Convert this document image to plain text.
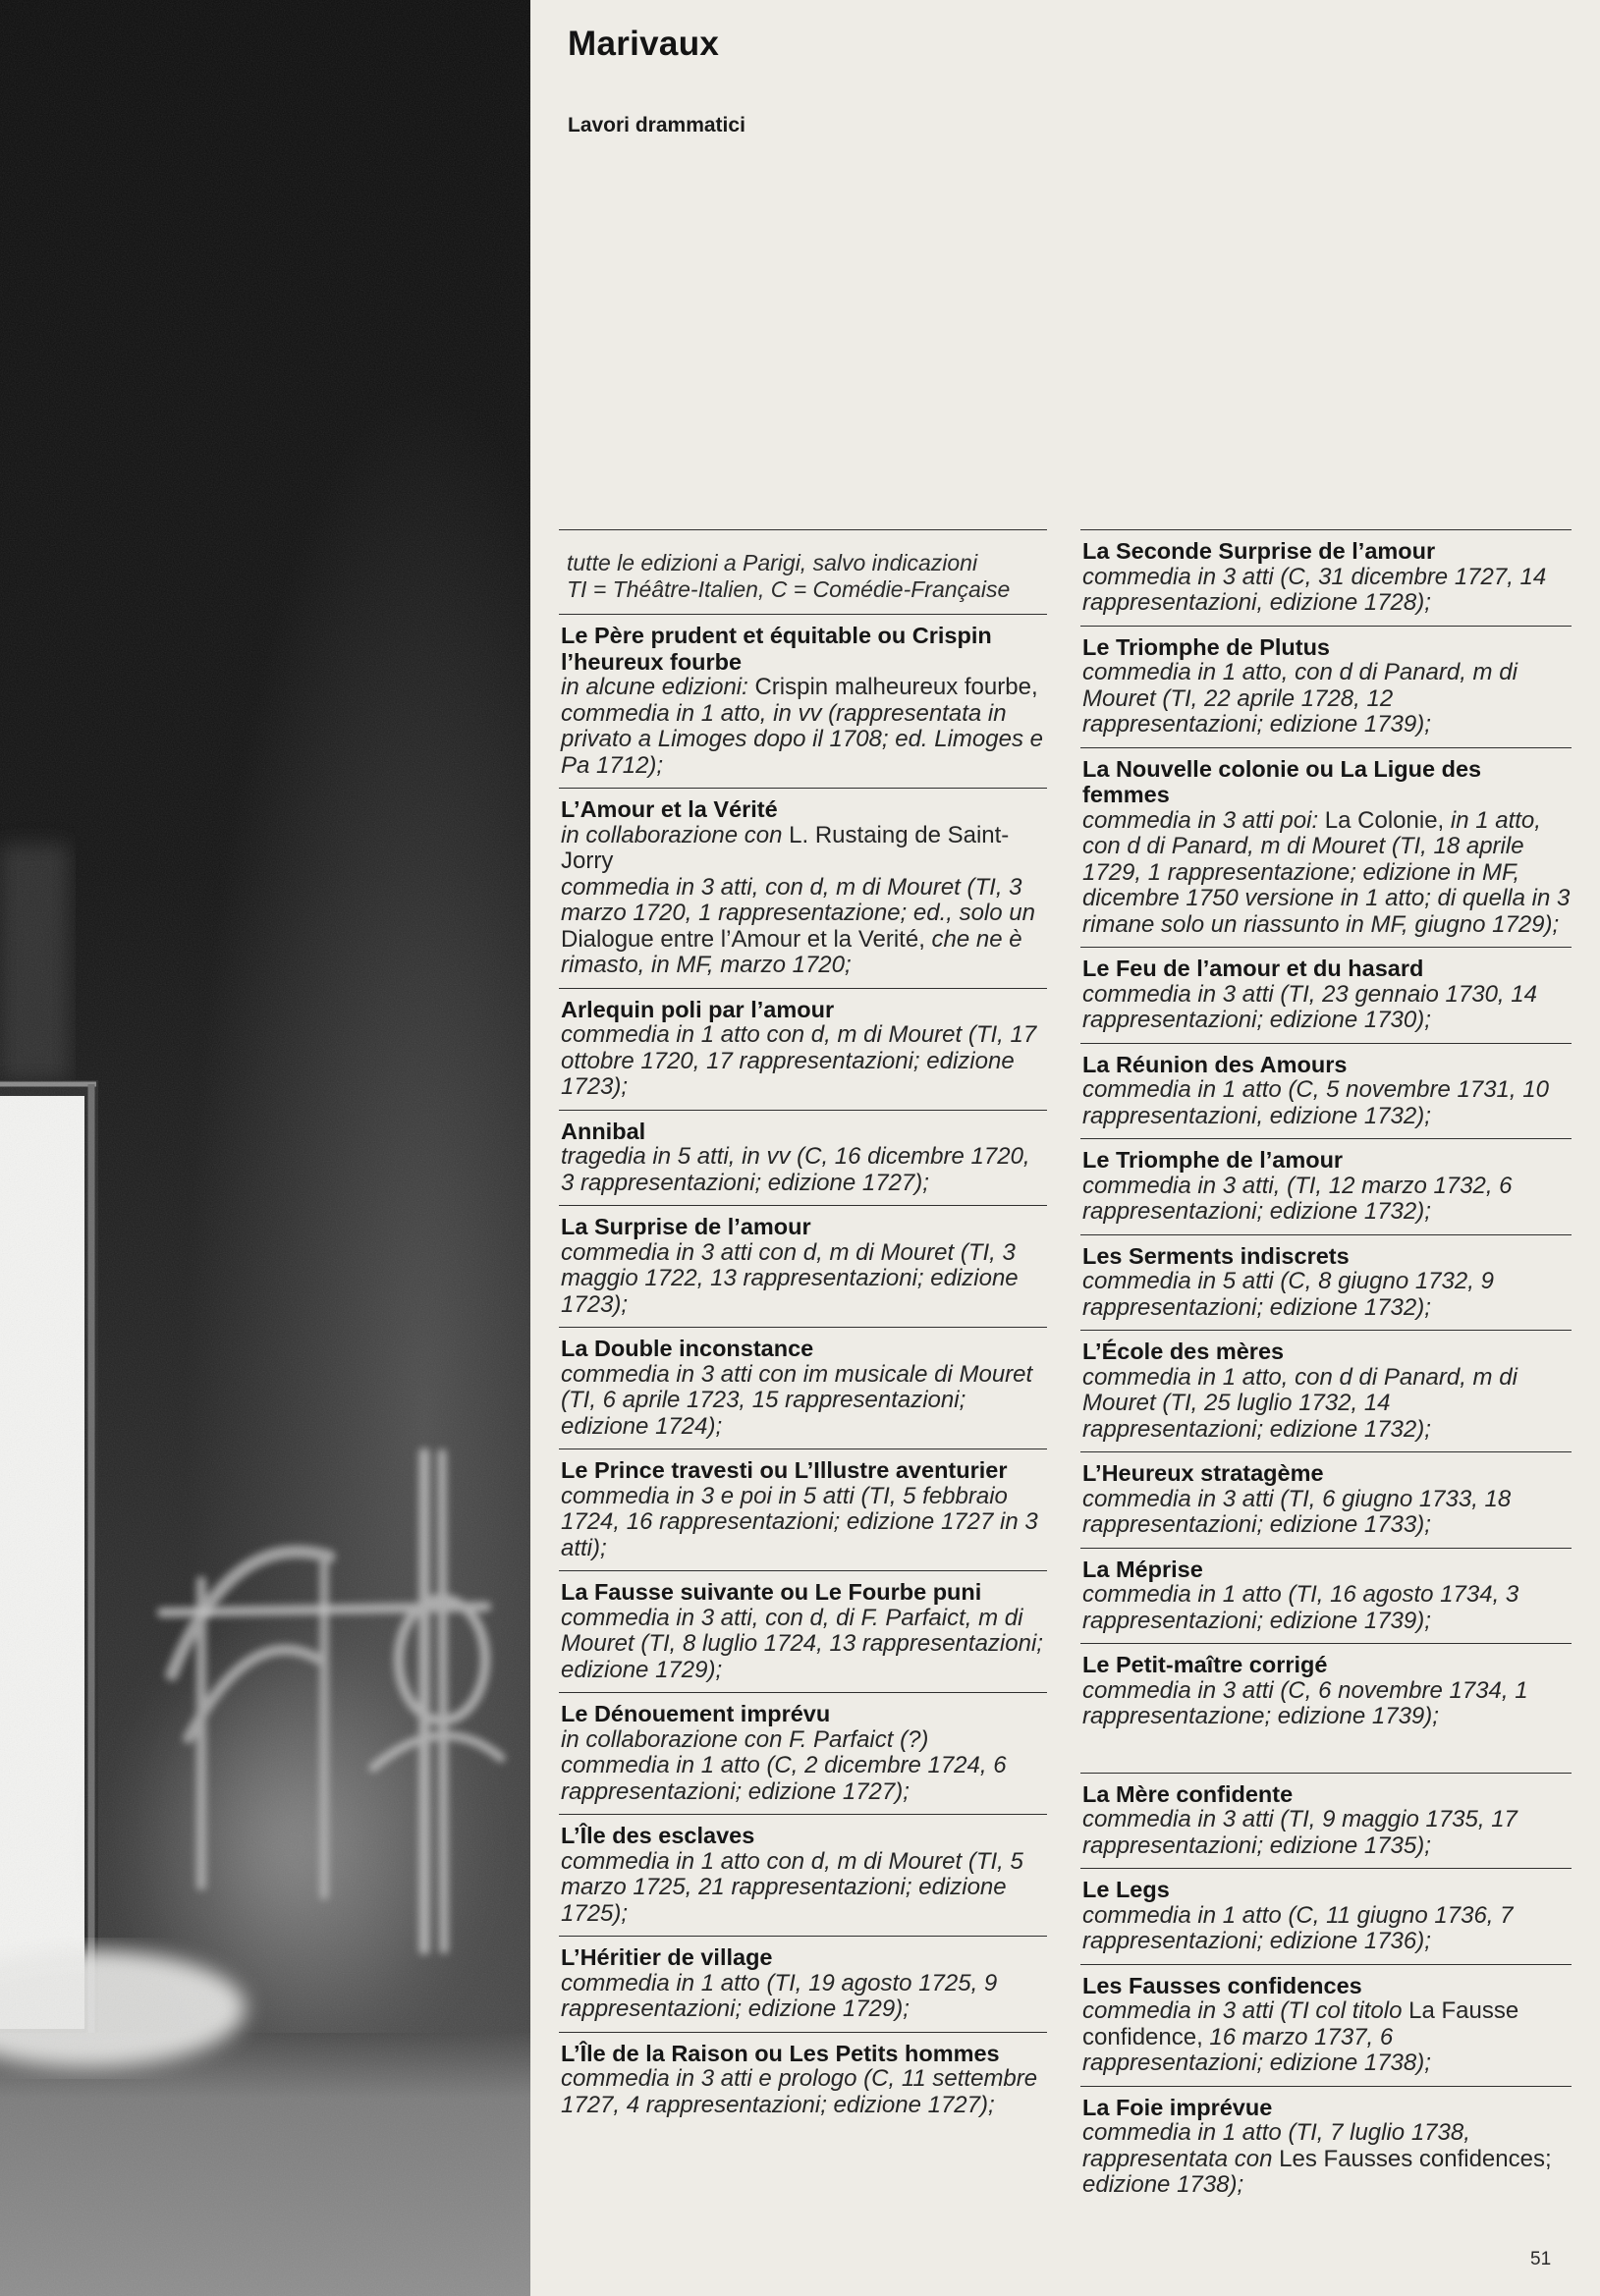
Marivaux
Lavori drammatici
tutte le edizioni a Parigi, salvo indicazioni
TI = Théâtre-Italien, C = Comédie-Française
Le Père prudent et équitable ou Crispin l’heureux fourbe
in alcune edizioni: Crispin malheureux fourbe,
commedia in 1 atto, in vv (rappresentata in privato a Limoges dopo il 1708; ed. Limoges e Pa 1712);
L’Amour et la Vérité
in collaborazione con L. Rustaing de Saint-Jorry
commedia in 3 atti, con d, m di Mouret (TI, 3 marzo 1720, 1 rappresentazione; ed., solo un Dialogue entre l’Amour et la Verité, che ne è rimasto, in MF, marzo 1720;
Arlequin poli par l’amour
commedia in 1 atto con d, m di Mouret (TI, 17 ottobre 1720, 17 rappresentazioni; edizione 1723);
Annibal
tragedia in 5 atti, in vv (C, 16 dicembre 1720, 3 rappresentazioni; edizione 1727);
La Surprise de l’amour
commedia in 3 atti con d, m di Mouret (TI, 3 maggio 1722, 13 rappresentazioni; edizione 1723);
La Double inconstance
commedia in 3 atti con im musicale di Mouret (TI, 6 aprile 1723, 15 rappresentazioni; edizione 1724);
Le Prince travesti ou L’Illustre aventurier
commedia in 3 e poi in 5 atti (TI, 5 febbraio 1724, 16 rappresentazioni; edizione 1727 in 3 atti);
La Fausse suivante ou Le Fourbe puni
commedia in 3 atti, con d, di F. Parfaict, m di Mouret (TI, 8 luglio 1724, 13 rappresentazioni; edizione 1729);
Le Dénouement imprévu
in collaborazione con F. Parfaict (?)
commedia in 1 atto (C, 2 dicembre 1724, 6 rappresentazioni; edizione 1727);
L’Île des esclaves
commedia in 1 atto con d, m di Mouret (TI, 5 marzo 1725, 21 rappresentazioni; edizione 1725);
L’Héritier de village
commedia in 1 atto (TI, 19 agosto 1725, 9 rappresentazioni; edizione 1729);
L’Île de la Raison ou Les Petits hommes
commedia in 3 atti e prologo (C, 11 settembre 1727, 4 rappresentazioni; edizione 1727);
La Seconde Surprise de l’amour
commedia in 3 atti (C, 31 dicembre 1727, 14 rappresentazioni, edizione 1728);
Le Triomphe de Plutus
commedia in 1 atto, con d di Panard, m di Mouret (TI, 22 aprile 1728, 12 rappresentazioni; edizione 1739);
La Nouvelle colonie ou La Ligue des femmes
commedia in 3 atti poi: La Colonie, in 1 atto, con d di Panard, m di Mouret (TI, 18 aprile 1729, 1 rappresentazione; edizione in MF, dicembre 1750 versione in 1 atto; di quella in 3 rimane solo un riassunto in MF, giugno 1729);
Le Feu de l’amour et du hasard
commedia in 3 atti (TI, 23 gennaio 1730, 14 rappresentazioni; edizione 1730);
La Réunion des Amours
commedia in 1 atto (C, 5 novembre 1731, 10 rappresentazioni, edizione 1732);
Le Triomphe de l’amour
commedia in 3 atti, (TI, 12 marzo 1732, 6 rappresentazioni; edizione 1732);
Les Serments indiscrets
commedia in 5 atti (C, 8 giugno 1732, 9 rappresentazioni; edizione 1732);
L’École des mères
commedia in 1 atto, con d di Panard, m di Mouret (TI, 25 luglio 1732, 14 rappresentazioni; edizione 1732);
L’Heureux stratagème
commedia in 3 atti (TI, 6 giugno 1733, 18 rappresentazioni; edizione 1733);
La Méprise
commedia in 1 atto (TI, 16 agosto 1734, 3 rappresentazioni; edizione 1739);
Le Petit-maître corrigé
commedia in 3 atti (C, 6 novembre 1734, 1 rappresentazione; edizione 1739);
La Mère confidente
commedia in 3 atti (TI, 9 maggio 1735, 17 rappresentazioni; edizione 1735);
Le Legs
commedia in 1 atto (C, 11 giugno 1736, 7 rappresentazioni; edizione 1736);
Les Fausses confidences
commedia in 3 atti (TI col titolo La Fausse confidence, 16 marzo 1737, 6 rappresentazioni; edizione 1738);
La Foie imprévue
commedia in 1 atto (TI, 7 luglio 1738, rappresentata con Les Fausses confidences; edizione 1738);
51
